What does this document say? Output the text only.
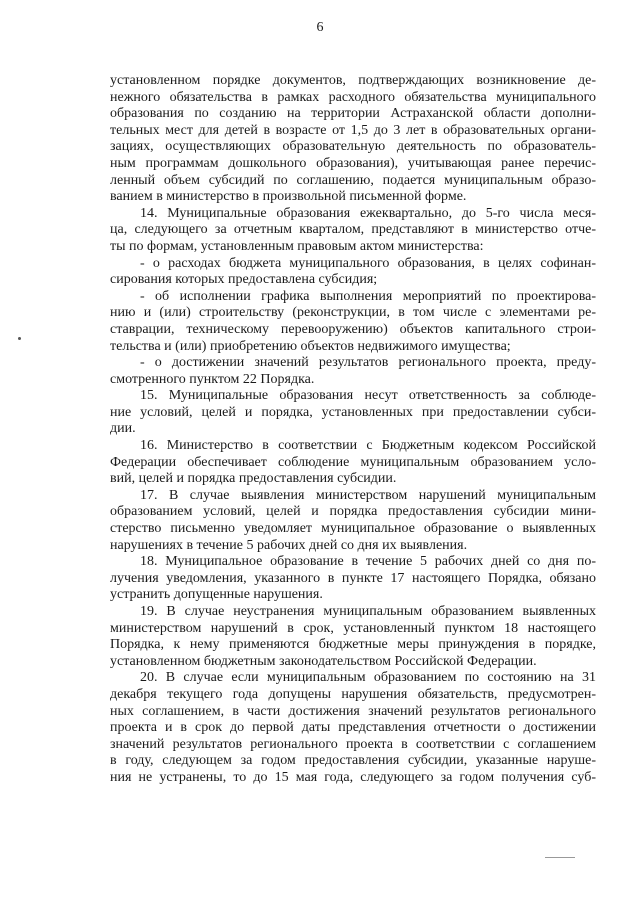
6
установленном порядке документов, подтверждающих возникновение де-
нежного обязательства в рамках расходного обязательства муниципального
образования по созданию на территории Астраханской области дополни-
тельных мест для детей в возрасте от 1,5 до 3 лет в образовательных органи-
зациях, осуществляющих образовательную деятельность по образователь-
ным программам дошкольного образования), учитывающая ранее перечис-
ленный объем субсидий по соглашению, подается муниципальным образо-
ванием в министерство в произвольной письменной форме.
14. Муниципальные образования ежеквартально, до 5-го числа меся-
ца, следующего за отчетным кварталом, представляют в министерство отче-
ты по формам, установленным правовым актом министерства:
- о расходах бюджета муниципального образования, в целях софинан-
сирования которых предоставлена субсидия;
- об исполнении графика выполнения мероприятий по проектирова-
нию и (или) строительству (реконструкции, в том числе с элементами ре-
ставрации, техническому перевооружению) объектов капитального строи-
тельства и (или) приобретению объектов недвижимого имущества;
- о достижении значений результатов регионального проекта, преду-
смотренного пунктом 22 Порядка.
15. Муниципальные образования несут ответственность за соблюде-
ние условий, целей и порядка, установленных при предоставлении субси-
дии.
16. Министерство в соответствии с Бюджетным кодексом Российской
Федерации обеспечивает соблюдение муниципальным образованием усло-
вий, целей и порядка предоставления субсидии.
17. В случае выявления министерством нарушений муниципальным
образованием условий, целей и порядка предоставления субсидии мини-
стерство письменно уведомляет муниципальное образование о выявленных
нарушениях в течение 5 рабочих дней со дня их выявления.
18. Муниципальное образование в течение 5 рабочих дней со дня по-
лучения уведомления, указанного в пункте 17 настоящего Порядка, обязано
устранить допущенные нарушения.
19. В случае неустранения муниципальным образованием выявленных
министерством нарушений в срок, установленный пунктом 18 настоящего
Порядка, к нему применяются бюджетные меры принуждения в порядке,
установленном бюджетным законодательством Российской Федерации.
20. В случае если муниципальным образованием по состоянию на 31
декабря текущего года допущены нарушения обязательств, предусмотрен-
ных соглашением, в части достижения значений результатов регионального
проекта и в срок до первой даты представления отчетности о достижении
значений результатов регионального проекта в соответствии с соглашением
в году, следующем за годом предоставления субсидии, указанные наруше-
ния не устранены, то до 15 мая года, следующего за годом получения суб-
